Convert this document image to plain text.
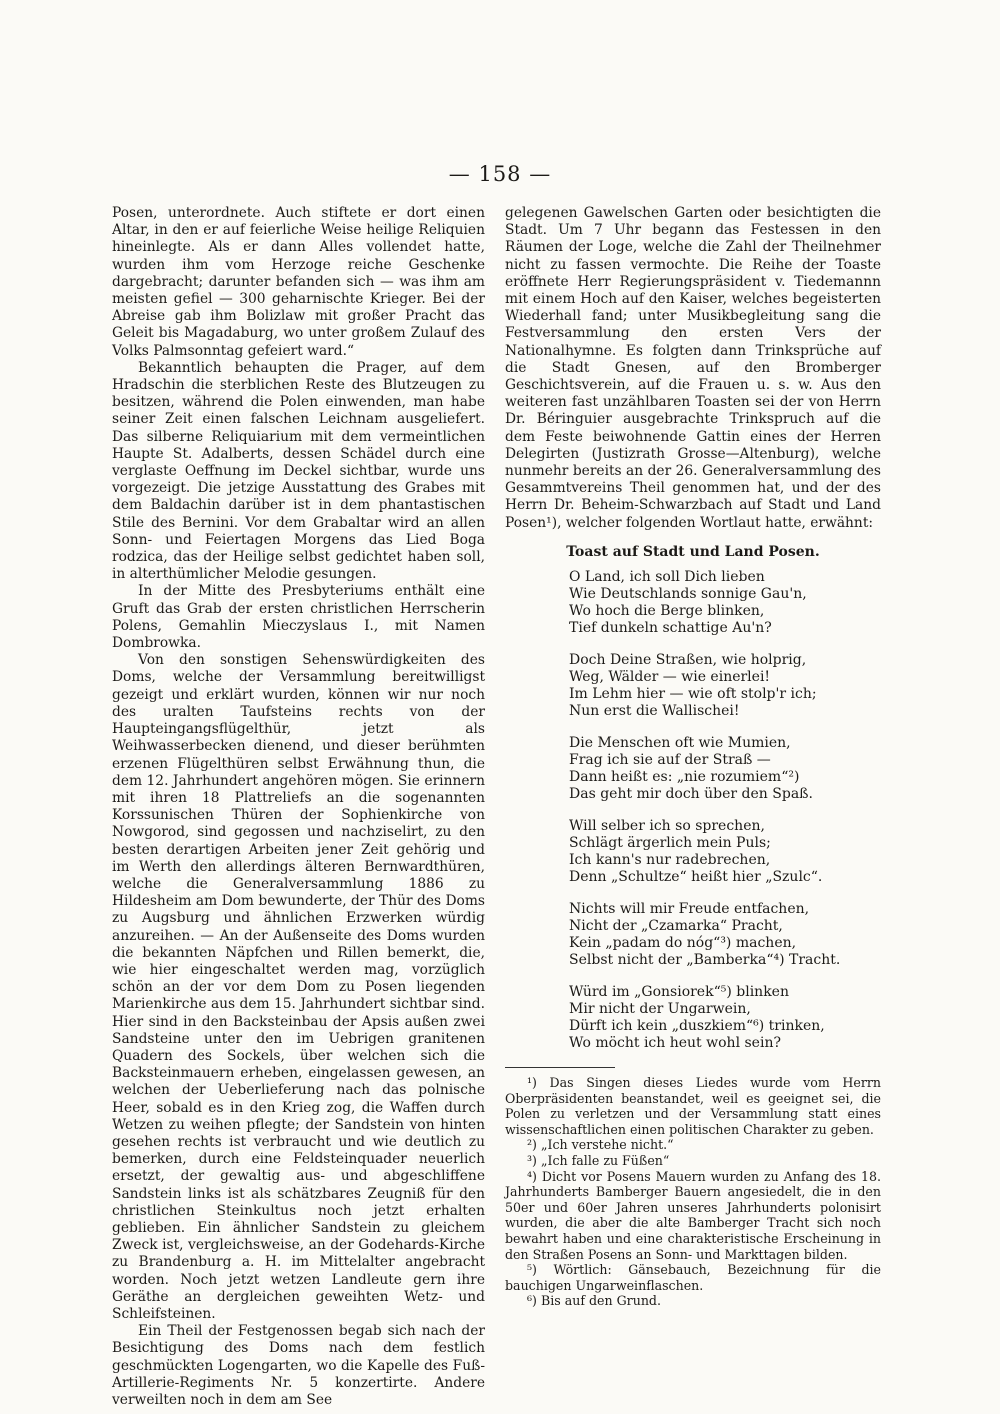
— 158 —

Posen, unterordnete. Auch stiftete er dort einen Altar, in den er auf feierliche Weise heilige Reliquien hineinlegte. Als er dann Alles vollendet hatte, wurden ihm vom Herzoge reiche Geschenke dargebracht; darunter befanden sich — was ihm am meisten gefiel — 300 geharnischte Krieger. Bei der Abreise gab ihm Bolizlaw mit großer Pracht das Geleit bis Magadaburg, wo unter großem Zulauf des Volks Palmsonntag gefeiert ward.“

Bekanntlich behaupten die Prager, auf dem Hradschin die sterblichen Reste des Blutzeugen zu besitzen, während die Polen einwenden, man habe seiner Zeit einen falschen Leichnam ausgeliefert. Das silberne Reliquiarium mit dem vermeintlichen Haupte St. Adalberts, dessen Schädel durch eine verglaste Oeffnung im Deckel sichtbar, wurde uns vorgezeigt. Die jetzige Ausstattung des Grabes mit dem Baldachin darüber ist in dem phantastischen Stile des Bernini. Vor dem Grabaltar wird an allen Sonn- und Feiertagen Morgens das Lied Boga rodzica, das der Heilige selbst gedichtet haben soll, in alterthümlicher Melodie gesungen.

In der Mitte des Presbyteriums enthält eine Gruft das Grab der ersten christlichen Herrscherin Polens, Gemahlin Mieczyslaus I., mit Namen Dombrowka.

Von den sonstigen Sehenswürdigkeiten des Doms, welche der Versammlung bereitwilligst gezeigt und erklärt wurden, können wir nur noch des uralten Taufsteins rechts von der Haupteingangsflügelthür, jetzt als Weihwasserbecken dienend, und dieser berühmten erzenen Flügelthüren selbst Erwähnung thun, die dem 12. Jahrhundert angehören mögen. Sie erinnern mit ihren 18 Plattreliefs an die sogenannten Korssunischen Thüren der Sophienkirche von Nowgorod, sind gegossen und nachziselirt, zu den besten derartigen Arbeiten jener Zeit gehörig und im Werth den allerdings älteren Bernwardthüren, welche die Generalversammlung 1886 zu Hildesheim am Dom bewunderte, der Thür des Doms zu Augsburg und ähnlichen Erzwerken würdig anzureihen. — An der Außenseite des Doms wurden die bekannten Näpfchen und Rillen bemerkt, die, wie hier eingeschaltet werden mag, vorzüglich schön an der vor dem Dom zu Posen liegenden Marienkirche aus dem 15. Jahrhundert sichtbar sind. Hier sind in den Backsteinbau der Apsis außen zwei Sandsteine unter den im Uebrigen granitenen Quadern des Sockels, über welchen sich die Backsteinmauern erheben, eingelassen gewesen, an welchen der Ueberlieferung nach das polnische Heer, sobald es in den Krieg zog, die Waffen durch Wetzen zu weihen pflegte; der Sandstein von hinten gesehen rechts ist verbraucht und wie deutlich zu bemerken, durch eine Feldsteinquader neuerlich ersetzt, der gewaltig aus- und abgeschliffene Sandstein links ist als schätzbares Zeugniß für den christlichen Steinkultus noch jetzt erhalten geblieben. Ein ähnlicher Sandstein zu gleichem Zweck ist, vergleichsweise, an der Godehards-Kirche zu Brandenburg a. H. im Mittelalter angebracht worden. Noch jetzt wetzen Landleute gern ihre Geräthe an dergleichen geweihten Wetz- und Schleifsteinen.

Ein Theil der Festgenossen begab sich nach der Besichtigung des Doms nach dem festlich geschmückten Logengarten, wo die Kapelle des Fuß-Artillerie-Regiments Nr. 5 konzertirte. Andere verweilten noch in dem am See

gelegenen Gawelschen Garten oder besichtigten die Stadt. Um 7 Uhr begann das Festessen in den Räumen der Loge, welche die Zahl der Theilnehmer nicht zu fassen vermochte. Die Reihe der Toaste eröffnete Herr Regierungspräsident v. Tiedemannn mit einem Hoch auf den Kaiser, welches begeisterten Wiederhall fand; unter Musikbegleitung sang die Festversammlung den ersten Vers der Nationalhymne. Es folgten dann Trinksprüche auf die Stadt Gnesen, auf den Bromberger Geschichtsverein, auf die Frauen u. s. w. Aus den weiteren fast unzählbaren Toasten sei der von Herrn Dr. Béringuier ausgebrachte Trinkspruch auf die dem Feste beiwohnende Gattin eines der Herren Delegirten (Justizrath Grosse—Altenburg), welche nunmehr bereits an der 26. Generalversammlung des Gesammtvereins Theil genommen hat, und der des Herrn Dr. Beheim-Schwarzbach auf Stadt und Land Posen¹), welcher folgenden Wortlaut hatte, erwähnt:

Toast auf Stadt und Land Posen.
O Land, ich soll Dich lieben
Wie Deutschlands sonnige Gau'n,
Wo hoch die Berge blinken,
Tief dunkeln schattige Au'n?
Doch Deine Straßen, wie holprig,
Weg, Wälder — wie einerlei!
Im Lehm hier — wie oft stolp'r ich;
Nun erst die Wallischei!
Die Menschen oft wie Mumien,
Frag ich sie auf der Straß —
Dann heißt es: „nie rozumiem“²)
Das geht mir doch über den Spaß.
Will selber ich so sprechen,
Schlägt ärgerlich mein Puls;
Ich kann's nur radebrechen,
Denn „Schultze“ heißt hier „Szulc“.
Nichts will mir Freude entfachen,
Nicht der „Czamarka“ Pracht,
Kein „padam do nóg“³) machen,
Selbst nicht der „Bamberka“⁴) Tracht.
Würd im „Gonsiorek“⁵) blinken
Mir nicht der Ungarwein,
Dürft ich kein „duszkiem“⁶) trinken,
Wo möcht ich heut wohl sein?

¹) Das Singen dieses Liedes wurde vom Herrn Oberpräsidenten beanstandet, weil es geeignet sei, die Polen zu verletzen und der Versammlung statt eines wissenschaftlichen einen politischen Charakter zu geben.

²) „Ich verstehe nicht.“

³) „Ich falle zu Füßen“

⁴) Dicht vor Posens Mauern wurden zu Anfang des 18. Jahrhunderts Bamberger Bauern angesiedelt, die in den 50er und 60er Jahren unseres Jahrhunderts polonisirt wurden, die aber die alte Bamberger Tracht sich noch bewahrt haben und eine charakteristische Erscheinung in den Straßen Posens an Sonn- und Markttagen bilden.

⁵) Wörtlich: Gänsebauch, Bezeichnung für die bauchigen Ungarweinflaschen.

⁶) Bis auf den Grund.
